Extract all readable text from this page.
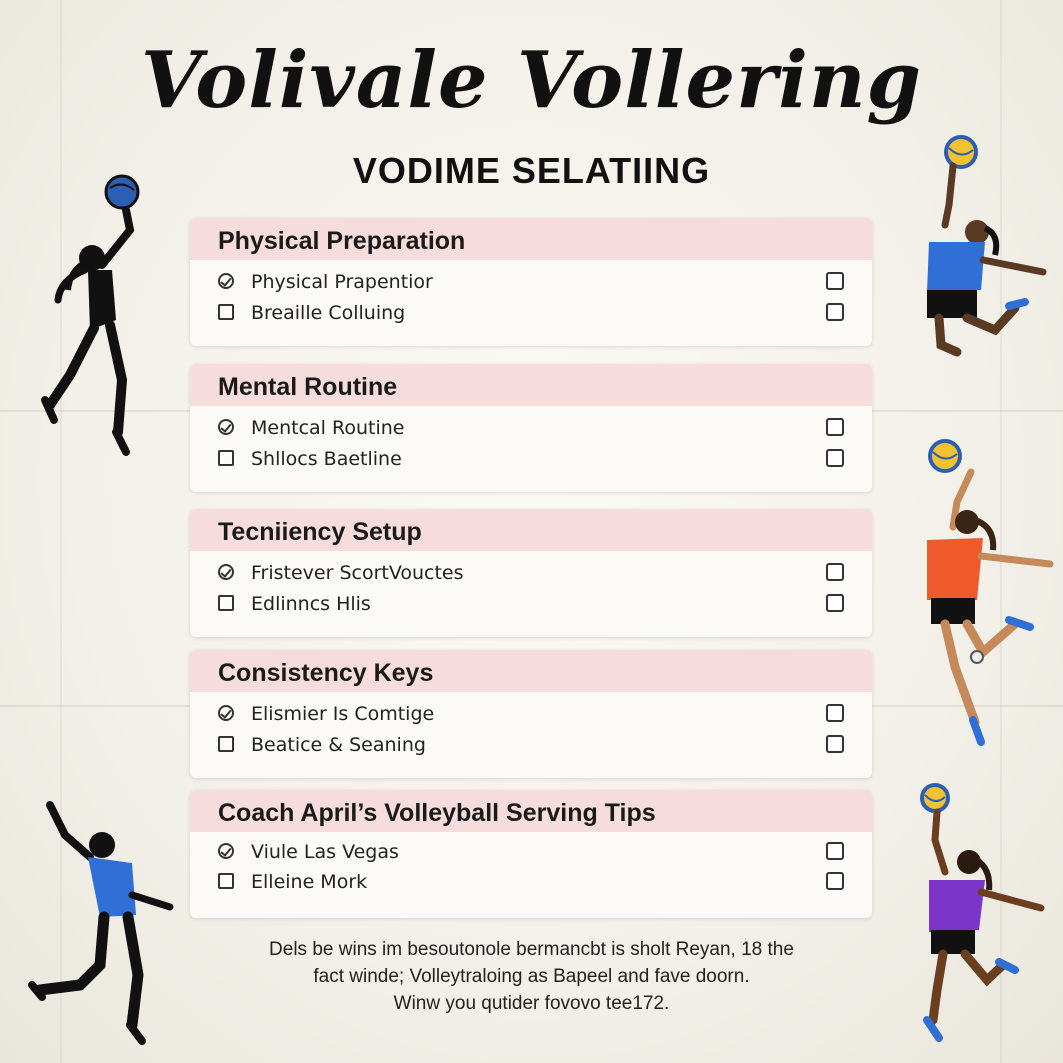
Volivale Vollering
VODIME SELATIING
Physical Preparation
Physical Prapentior
Breaille Colluing
Mental Routine
Mentcal Routine
Shllocs Baetline
Tecniiency Setup
Fristever ScortVouctes
Edlinncs Hlis
Consistency Keys
Elismier Is Comtige
Beatice & Seaning
Coach April’s Volleyball Serving Tips
Viule Las Vegas
Elleine Mork
Dels be wins im besoutonole bermancbt is sholt Reyan, 18 the
fact winde; Volleytraloing as Bapeel and fave doorn.
Winw you qutider fovovo tee172.
